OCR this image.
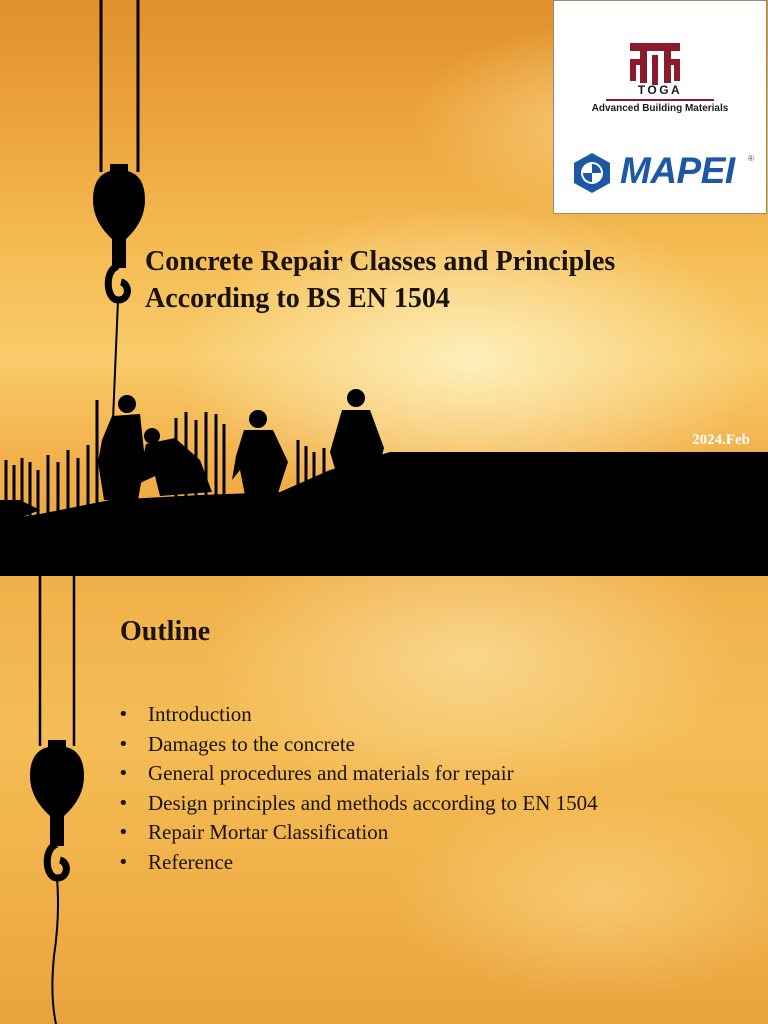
TOGA
Advanced Building Materials
MAPEI ®
Concrete Repair Classes and Principles
According to BS EN 1504
2024.Feb
Outline
• Introduction
• Damages to the concrete
• General procedures and materials for repair
• Design principles and methods according to EN 1504
• Repair Mortar Classification
• Reference
